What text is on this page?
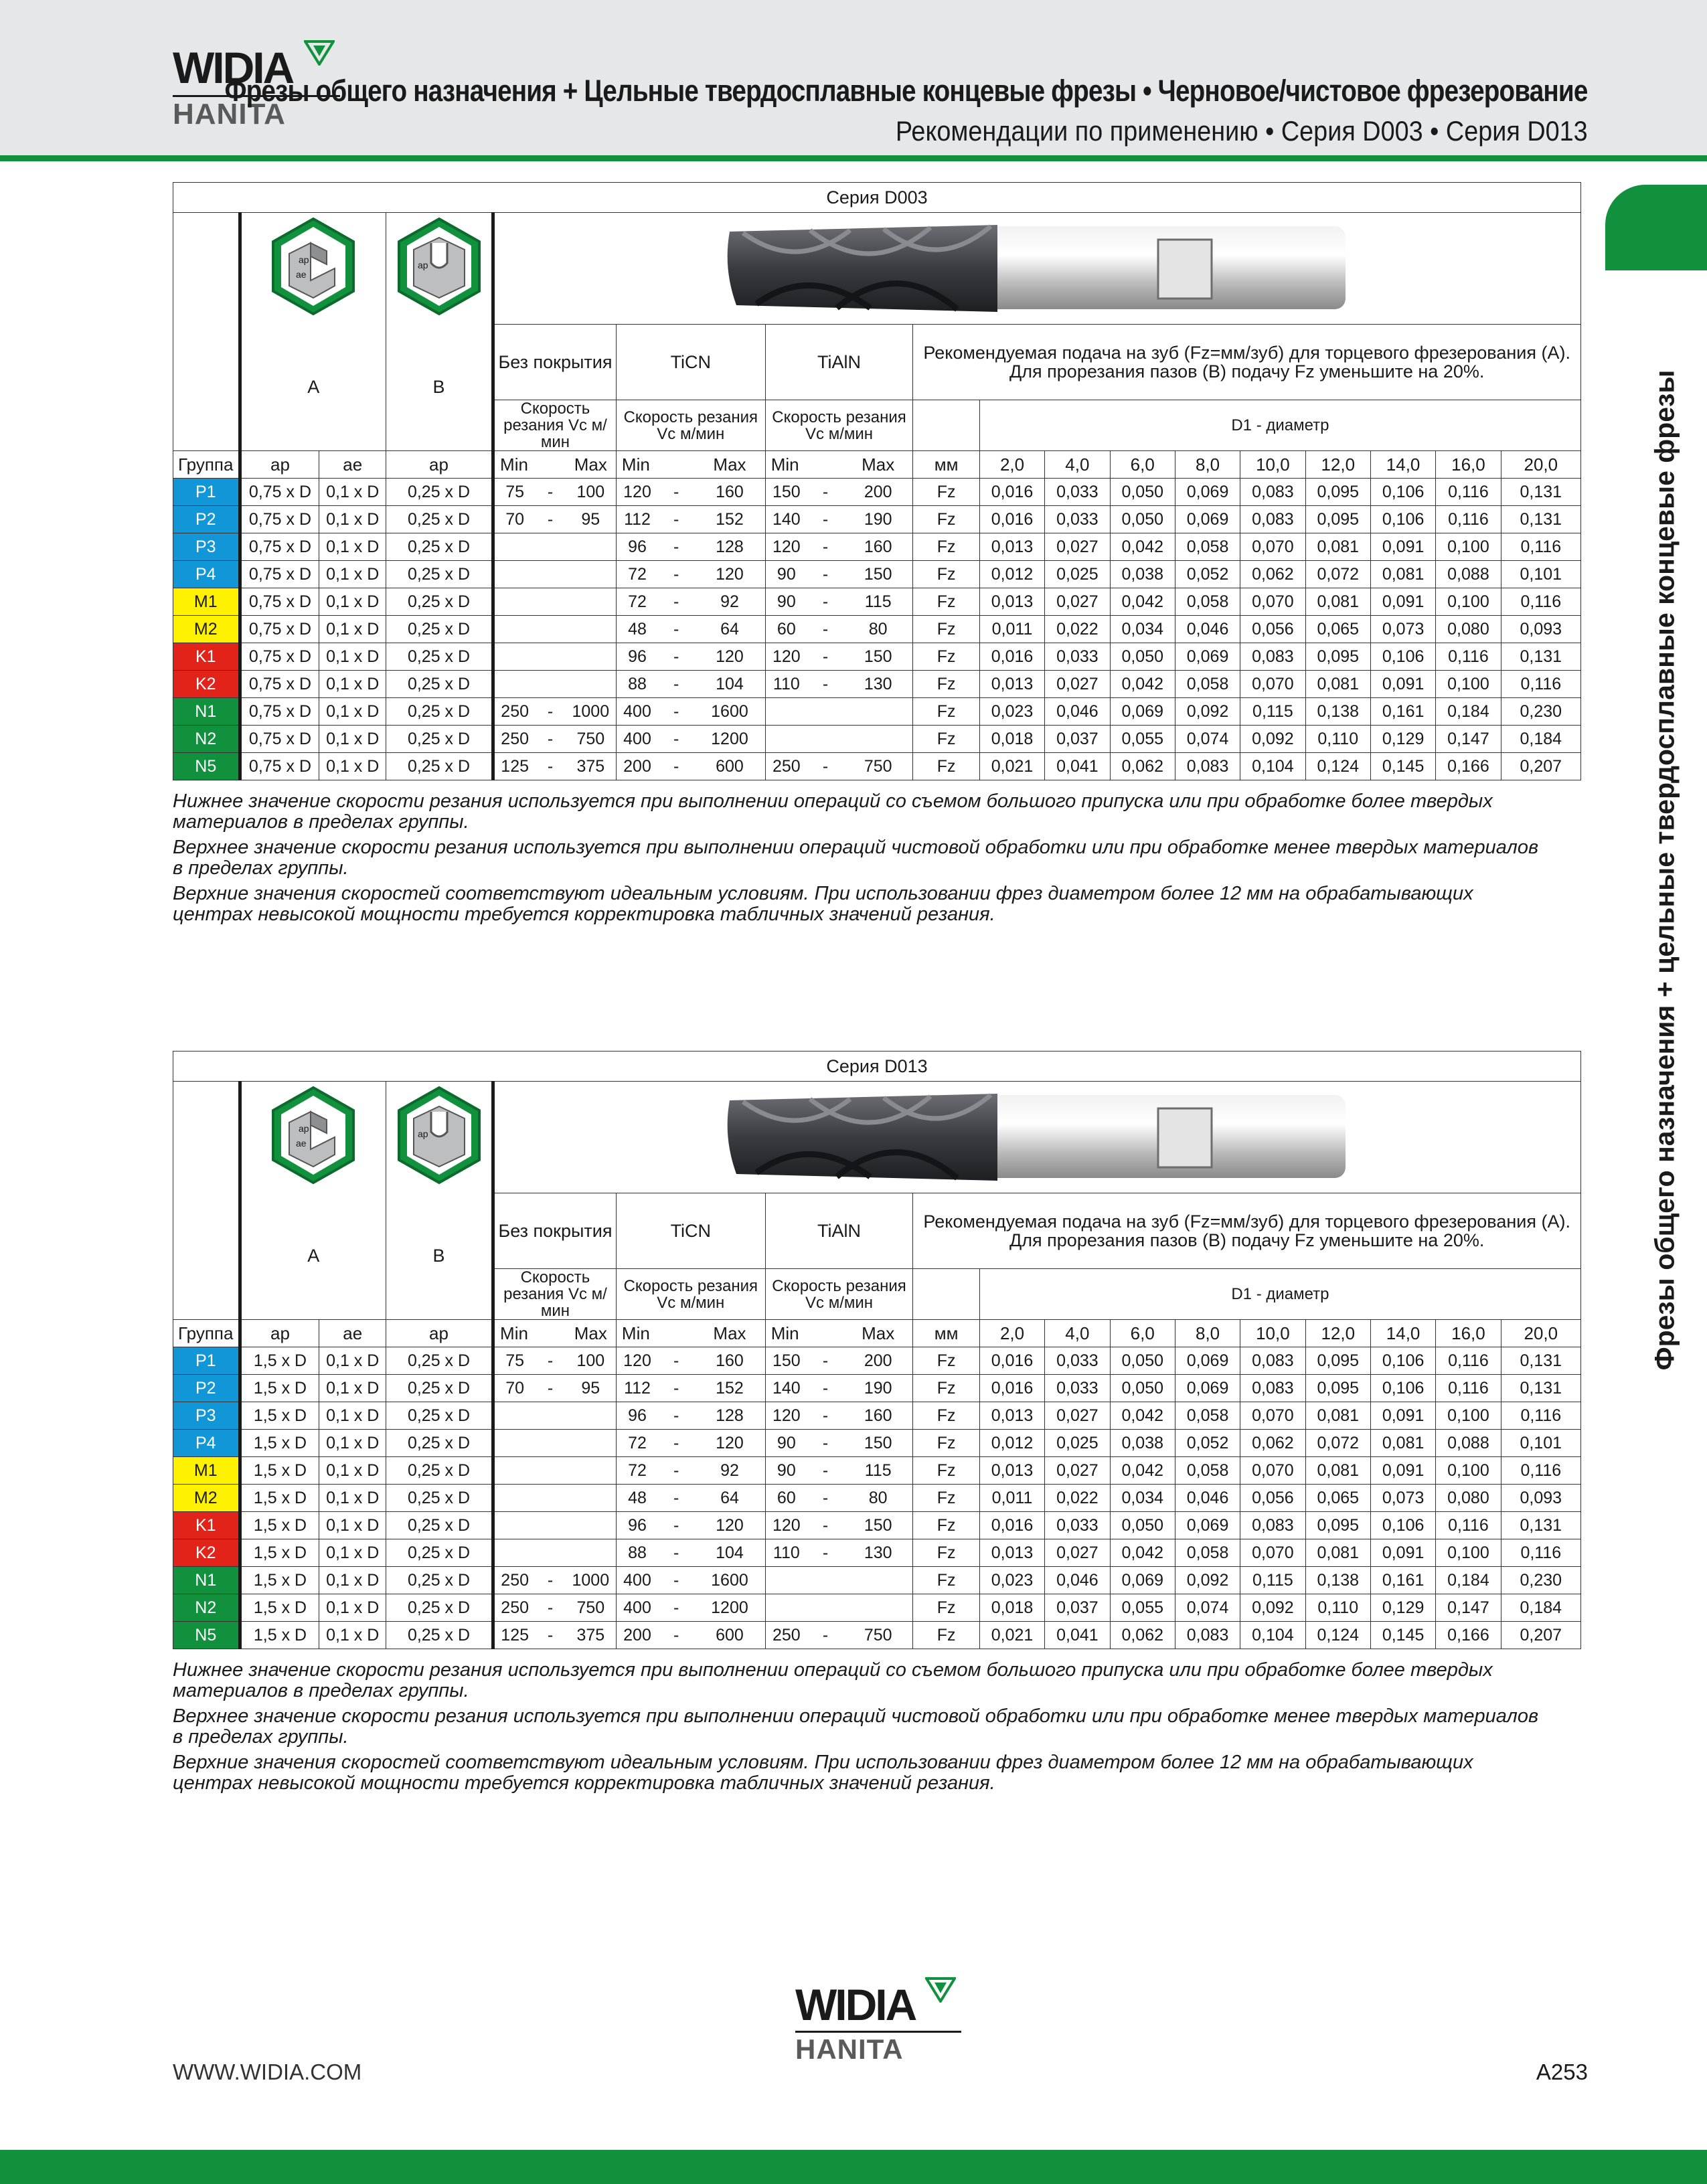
WIDIA
HANITA
Фрезы общего назначения + Цельные твердосплавные концевые фрезы • Черновое/чистовое фрезерование
Рекомендации по применению • Серия D003 • Серия D013
Фрезы общего назначения + цельные твердосплавные концевые фрезы
Серия D003																						

ap
ae		ap

	A		B	Без покрытия			TiCN			TiAlN			Рекомендуемая подача на зуб (Fz=мм/зуб) для торцевого фрезерования (A). Для прорезания пазов (B) подачу Fz уменьшите на 20%.									
				Скорость резания Vc м/мин			Скорость резания Vc м/мин			Скорость резания Vc м/мин				D1 - диаметр								
Группа	ap	ae	ap	Min		Max	Min		Max	Min		Max	мм	2,0	4,0	6,0	8,0	10,0	12,0	14,0	16,0	20,0
P1	0,75 x D	0,1 x D	0,25 x D	75	-	100	120	-	160	150	-	200	Fz	0,016	0,033	0,050	0,069	0,083	0,095	0,106	0,116	0,131
P2	0,75 x D	0,1 x D	0,25 x D	70	-	95	112	-	152	140	-	190	Fz	0,016	0,033	0,050	0,069	0,083	0,095	0,106	0,116	0,131
P3	0,75 x D	0,1 x D	0,25 x D				96	-	128	120	-	160	Fz	0,013	0,027	0,042	0,058	0,070	0,081	0,091	0,100	0,116
P4	0,75 x D	0,1 x D	0,25 x D				72	-	120	90	-	150	Fz	0,012	0,025	0,038	0,052	0,062	0,072	0,081	0,088	0,101
M1	0,75 x D	0,1 x D	0,25 x D				72	-	92	90	-	115	Fz	0,013	0,027	0,042	0,058	0,070	0,081	0,091	0,100	0,116
M2	0,75 x D	0,1 x D	0,25 x D				48	-	64	60	-	80	Fz	0,011	0,022	0,034	0,046	0,056	0,065	0,073	0,080	0,093
K1	0,75 x D	0,1 x D	0,25 x D				96	-	120	120	-	150	Fz	0,016	0,033	0,050	0,069	0,083	0,095	0,106	0,116	0,131
K2	0,75 x D	0,1 x D	0,25 x D				88	-	104	110	-	130	Fz	0,013	0,027	0,042	0,058	0,070	0,081	0,091	0,100	0,116
N1	0,75 x D	0,1 x D	0,25 x D	250	-	1000	400	-	1600				Fz	0,023	0,046	0,069	0,092	0,115	0,138	0,161	0,184	0,230
N2	0,75 x D	0,1 x D	0,25 x D	250	-	750	400	-	1200				Fz	0,018	0,037	0,055	0,074	0,092	0,110	0,129	0,147	0,184
N5	0,75 x D	0,1 x D	0,25 x D	125	-	375	200	-	600	250	-	750	Fz	0,021	0,041	0,062	0,083	0,104	0,124	0,145	0,166	0,207

Нижнее значение скорости резания используется при выполнении операций со съемом большого припуска или при обработке более твердых материалов в пределах группы.

Верхнее значение скорости резания используется при выполнении операций чистовой обработки или при обработке менее твердых материалов в пределах группы.

Верхние значения скоростей соответствуют идеальным условиям. При использовании фрез диаметром более 12 мм на обрабатывающих центрах невысокой мощности требуется корректировка табличных значений резания.

Серия D013																						

ap
ae		ap

	A		B	Без покрытия			TiCN			TiAlN			Рекомендуемая подача на зуб (Fz=мм/зуб) для торцевого фрезерования (A). Для прорезания пазов (B) подачу Fz уменьшите на 20%.									
				Скорость резания Vc м/мин			Скорость резания Vc м/мин			Скорость резания Vc м/мин				D1 - диаметр								
Группа	ap	ae	ap	Min		Max	Min		Max	Min		Max	мм	2,0	4,0	6,0	8,0	10,0	12,0	14,0	16,0	20,0
P1	1,5 x D	0,1 x D	0,25 x D	75	-	100	120	-	160	150	-	200	Fz	0,016	0,033	0,050	0,069	0,083	0,095	0,106	0,116	0,131
P2	1,5 x D	0,1 x D	0,25 x D	70	-	95	112	-	152	140	-	190	Fz	0,016	0,033	0,050	0,069	0,083	0,095	0,106	0,116	0,131
P3	1,5 x D	0,1 x D	0,25 x D				96	-	128	120	-	160	Fz	0,013	0,027	0,042	0,058	0,070	0,081	0,091	0,100	0,116
P4	1,5 x D	0,1 x D	0,25 x D				72	-	120	90	-	150	Fz	0,012	0,025	0,038	0,052	0,062	0,072	0,081	0,088	0,101
M1	1,5 x D	0,1 x D	0,25 x D				72	-	92	90	-	115	Fz	0,013	0,027	0,042	0,058	0,070	0,081	0,091	0,100	0,116
M2	1,5 x D	0,1 x D	0,25 x D				48	-	64	60	-	80	Fz	0,011	0,022	0,034	0,046	0,056	0,065	0,073	0,080	0,093
K1	1,5 x D	0,1 x D	0,25 x D				96	-	120	120	-	150	Fz	0,016	0,033	0,050	0,069	0,083	0,095	0,106	0,116	0,131
K2	1,5 x D	0,1 x D	0,25 x D				88	-	104	110	-	130	Fz	0,013	0,027	0,042	0,058	0,070	0,081	0,091	0,100	0,116
N1	1,5 x D	0,1 x D	0,25 x D	250	-	1000	400	-	1600				Fz	0,023	0,046	0,069	0,092	0,115	0,138	0,161	0,184	0,230
N2	1,5 x D	0,1 x D	0,25 x D	250	-	750	400	-	1200				Fz	0,018	0,037	0,055	0,074	0,092	0,110	0,129	0,147	0,184
N5	1,5 x D	0,1 x D	0,25 x D	125	-	375	200	-	600	250	-	750	Fz	0,021	0,041	0,062	0,083	0,104	0,124	0,145	0,166	0,207

Нижнее значение скорости резания используется при выполнении операций со съемом большого припуска или при обработке более твердых материалов в пределах группы.

Верхнее значение скорости резания используется при выполнении операций чистовой обработки или при обработке менее твердых материалов в пределах группы.

Верхние значения скоростей соответствуют идеальным условиям. При использовании фрез диаметром более 12 мм на обрабатывающих центрах невысокой мощности требуется корректировка табличных значений резания.

WIDIA
HANITA
WWW.WIDIA.COM	A253
